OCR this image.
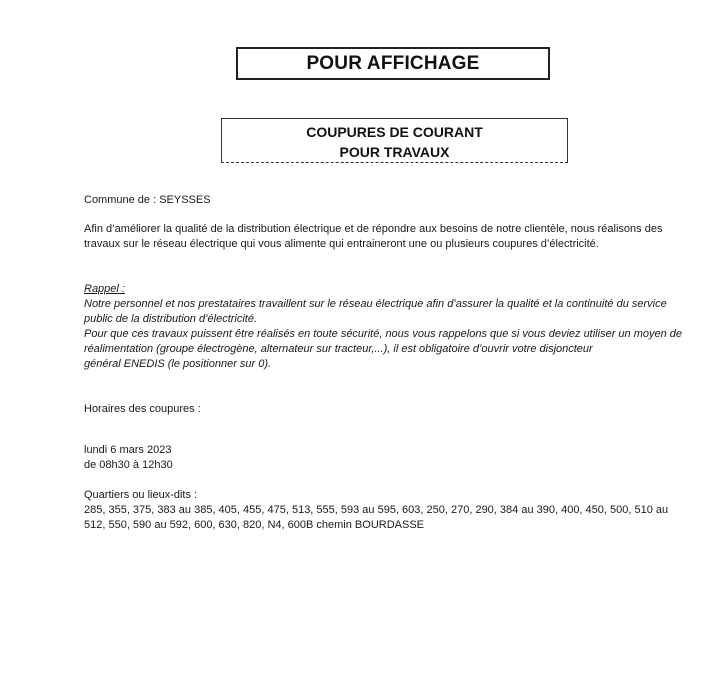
POUR AFFICHAGE
COUPURES DE COURANT
POUR TRAVAUX
Commune de : SEYSSES
Afin d’améliorer la qualité de la distribution électrique et de répondre aux besoins de notre clientèle, nous réalisons des travaux sur le réseau électrique qui vous alimente qui entraineront une ou plusieurs coupures d’électricité.
Rappel :
Notre personnel et nos prestataires travaillent sur le réseau électrique afin d’assurer la qualité et la continuité du service public de la distribution d’électricité.
Pour que ces travaux puissent être réalisés en toute sécurité, nous vous rappelons que si vous deviez utiliser un moyen de réalimentation (groupe électrogène, alternateur sur tracteur,...), il est obligatoire d’ouvrir votre disjoncteur
général ENEDIS (le positionner sur 0).
Horaires des coupures :
lundi 6 mars 2023
de 08h30 à 12h30
Quartiers ou lieux-dits :
285, 355, 375, 383 au 385, 405, 455, 475, 513, 555, 593 au 595, 603, 250, 270, 290, 384 au 390, 400, 450, 500, 510 au 512, 550, 590 au 592, 600, 630, 820, N4, 600B chemin BOURDASSE
